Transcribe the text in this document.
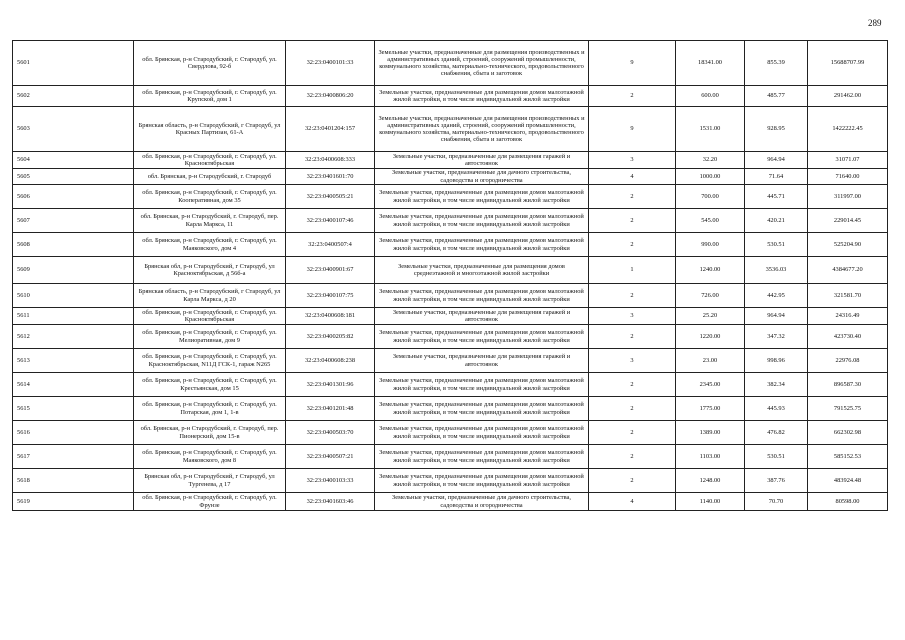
289
5601	обл. Брянская, р-н Стародубский, г. Стародуб, ул. Свердлова, 92-б	32:23:0400101:33	Земельные участки, предназначенные для размещения производственных и административных зданий, строений, сооружений промышленности, коммунального хозяйства, материально-технического, продовольственного снабжения, сбыта и заготовок	9	18341.00	855.39	15688707.99
5602	обл. Брянская, р-н Стародубский, г. Стародуб, ул. Крупской, дом 1	32:23:0400806:20	Земельные участки, предназначенные для размещения домов малоэтажной жилой застройки, в том числе индивидуальной жилой застройки	2	600.00	485.77	291462.00
5603	Брянская область, р-н Стародубский, г Стародуб, ул Красных Партизан, 61-А	32:23:0401204:157	Земельные участки, предназначенные для размещения производственных и административных зданий, строений, сооружений промышленности, коммунального хозяйства, материально-технического, продовольственного снабжения, сбыта и заготовок	9	1531.00	928.95	1422222.45
5604	обл. Брянская, р-н Стародубский, г. Стародуб, ул. Красноктябрьская	32:23:0400608:333	Земельные участки, предназначенные для размещения гаражей и автостоянок	3	32.20	964.94	31071.07
5605	обл. Брянская, р-н Стародубский, г. Стародуб	32:23:0401601:70	Земельные участки, предназначенные для дачного строительства, садоводства и огородничества	4	1000.00	71.64	71640.00
5606	обл. Брянская, р-н Стародубский, г. Стародуб, ул. Кооперативная, дом 35	32:23:0400505:21	Земельные участки, предназначенные для размещения домов малоэтажной жилой застройки, в том числе индивидуальной жилой застройки	2	700.00	445.71	311997.00
5607	обл. Брянская, р-н Стародубский, г. Стародуб, пер. Карла Маркса, 11	32:23:0400107:46	Земельные участки, предназначенные для размещения домов малоэтажной жилой застройки, в том числе индивидуальной жилой застройки	2	545.00	420.21	229014.45
5608	обл. Брянская, р-н Стародубский, г. Стародуб, ул. Маяковского, дом 4	32:23:0400507:4	Земельные участки, предназначенные для размещения домов малоэтажной жилой застройки, в том числе индивидуальной жилой застройки	2	990.00	530.51	525204.90
5609	Брянская обл, р-н Стародубский, г Стародуб, ул Красноктябрьская, д 56б-а	32:23:0400901:67	Земельные участки, предназначенные для размещения домов среднеэтажной и многоэтажной жилой застройки	1	1240.00	3536.03	4384677.20
5610	Брянская область, р-н Стародубский, г Стародуб, ул Карла Маркса, д 20	32:23:0400107:75	Земельные участки, предназначенные для размещения домов малоэтажной жилой застройки, в том числе индивидуальной жилой застройки	2	726.00	442.95	321581.70
5611	обл. Брянская, р-н Стародубский, г. Стародуб, ул. Красноктябрьская	32:23:0400608:181	Земельные участки, предназначенные для размещения гаражей и автостоянок	3	25.20	964.94	24316.49
5612	обл. Брянская, р-н Стародубский, г. Стародуб, ул. Мелиоративная, дом 9	32:23:0400205:82	Земельные участки, предназначенные для размещения домов малоэтажной жилой застройки, в том числе индивидуальной жилой застройки	2	1220.00	347.32	423730.40
5613	обл. Брянская, р-н Стародубский, г. Стародуб, ул. Красноктябрьская, N11Д ГСК-1, гараж N265	32:23:0400608:238	Земельные участки, предназначенные для размещения гаражей и автостоянок	3	23.00	998.96	22976.08
5614	обл. Брянская, р-н Стародубский, г. Стародуб, ул. Крестьянская, дом 15	32:23:0401301:96	Земельные участки, предназначенные для размещения домов малоэтажной жилой застройки, в том числе индивидуальной жилой застройки	2	2345.00	382.34	896587.30
5615	обл. Брянская, р-н Стародубский, г. Стародуб, ул. Потарская, дом 1, 1-в	32:23:0401201:48	Земельные участки, предназначенные для размещения домов малоэтажной жилой застройки, в том числе индивидуальной жилой застройки	2	1775.00	445.93	791525.75
5616	обл. Брянская, р-н Стародубский, г. Стародуб, пер. Пионерский, дом 15-в	32:23:0400503:70	Земельные участки, предназначенные для размещения домов малоэтажной жилой застройки, в том числе индивидуальной жилой застройки	2	1389.00	476.82	662302.98
5617	обл. Брянская, р-н Стародубский, г. Стародуб, ул. Маяковского, дом 8	32:23:0400507:21	Земельные участки, предназначенные для размещения домов малоэтажной жилой застройки, в том числе индивидуальной жилой застройки	2	1103.00	530.51	585152.53
5618	Брянская обл, р-н Стародубский, г Стародуб, ул Тургенева, д 17	32:23:0400103:33	Земельные участки, предназначенные для размещения домов малоэтажной жилой застройки, в том числе индивидуальной жилой застройки	2	1248.00	387.76	483924.48
5619	обл. Брянская, р-н Стародубский, г. Стародуб, ул. Фрунзе	32:23:0401603:46	Земельные участки, предназначенные для дачного строительства, садоводства и огородничества	4	1140.00	70.70	80598.00
